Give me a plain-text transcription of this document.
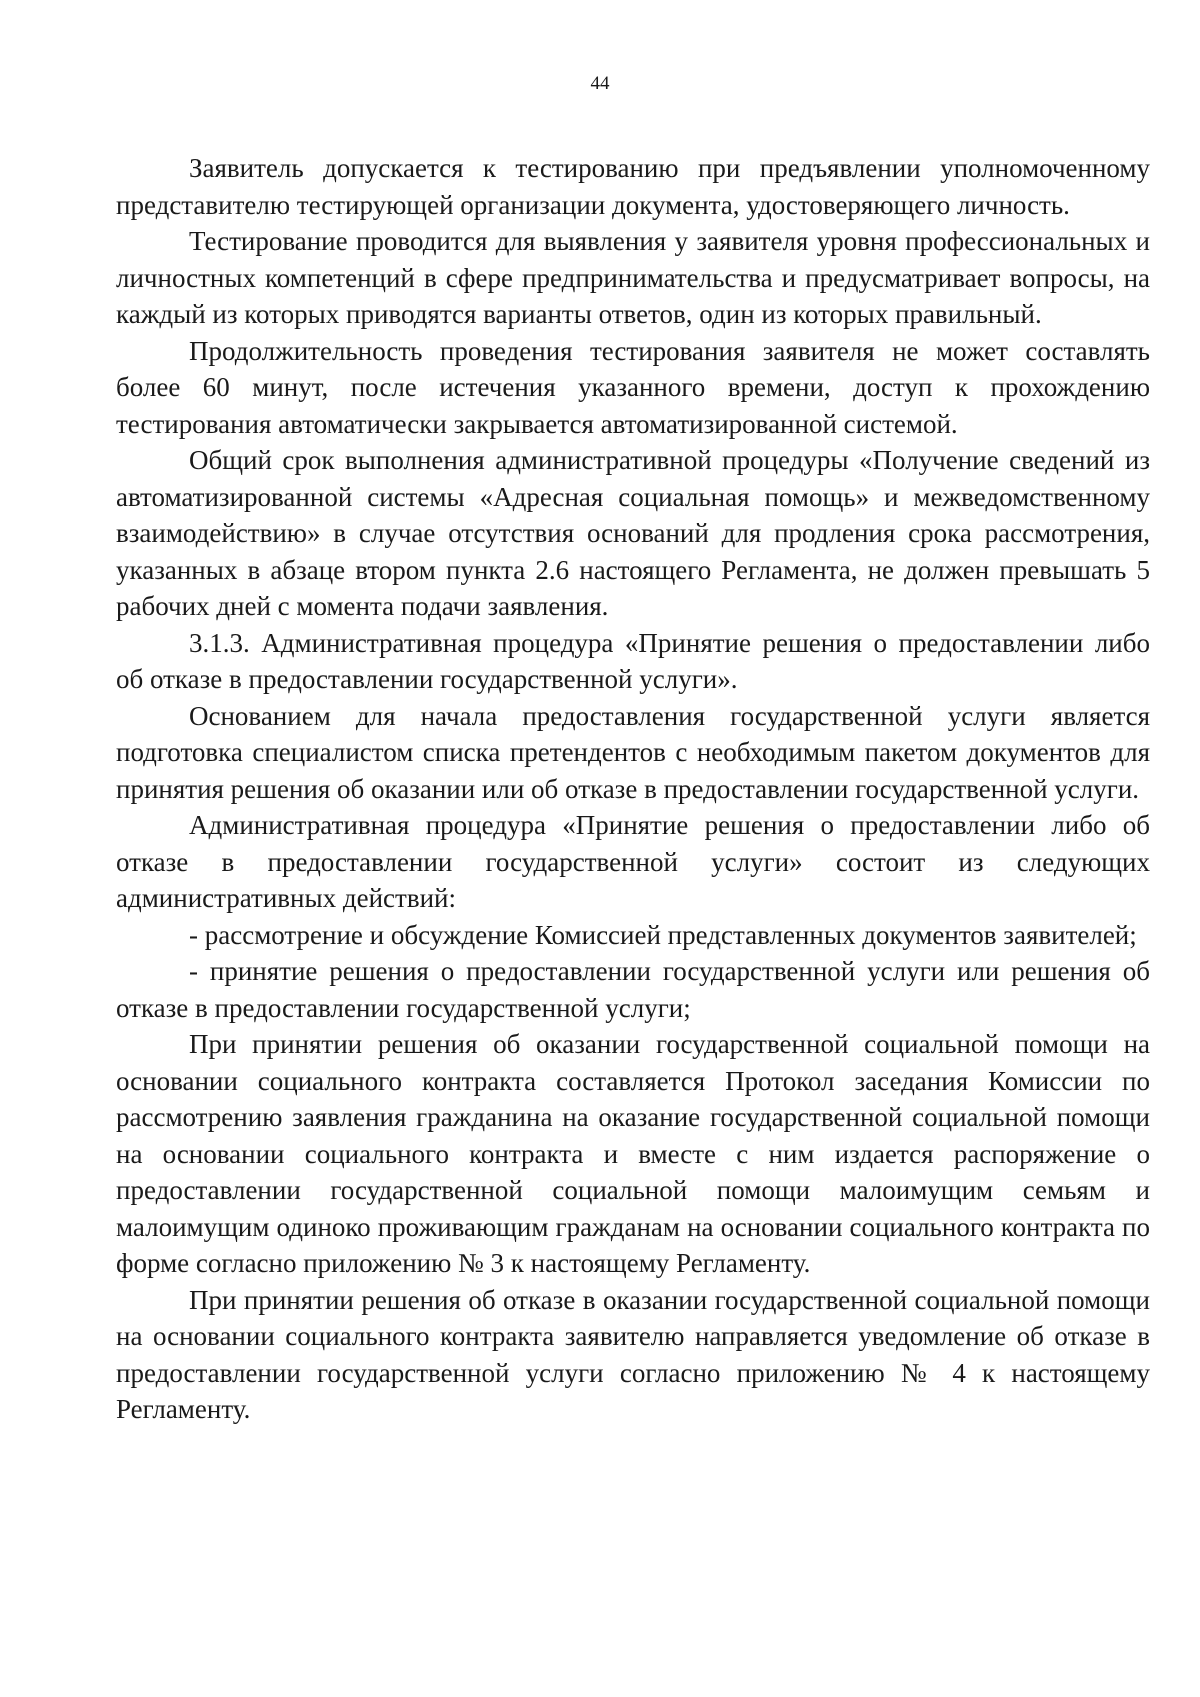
44

Заявитель допускается к тестированию при предъявлении уполномоченному представителю тестирующей организации документа, удостоверяющего личность.

Тестирование проводится для выявления у заявителя уровня профессиональных и личностных компетенций в сфере предпринимательства и предусматривает вопросы, на каждый из которых приводятся варианты ответов, один из которых правильный.

Продолжительность проведения тестирования заявителя не может составлять более 60 минут, после истечения указанного времени, доступ к прохождению тестирования автоматически закрывается автоматизированной системой.

Общий срок выполнения административной процедуры «Получение сведений из автоматизированной системы «Адресная социальная помощь» и межведомственному взаимодействию» в случае отсутствия оснований для продления срока рассмотрения, указанных в абзаце втором пункта 2.6 настоящего Регламента, не должен превышать 5 рабочих дней с момента подачи заявления.

3.1.3. Административная процедура «Принятие решения о предоставлении либо об отказе в предоставлении государственной услуги».

Основанием для начала предоставления государственной услуги является подготовка специалистом списка претендентов с необходимым пакетом документов для принятия решения об оказании или об отказе в предоставлении государственной услуги.

Административная процедура «Принятие решения о предоставлении либо об отказе в предоставлении государственной услуги» состоит из следующих административных действий:

- рассмотрение и обсуждение Комиссией представленных документов заявителей;

- принятие решения о предоставлении государственной услуги или решения об отказе в предоставлении государственной услуги;

При принятии решения об оказании государственной социальной помощи на основании социального контракта составляется Протокол заседания Комиссии по рассмотрению заявления гражданина на оказание государственной социальной помощи на основании социального контракта и вместе с ним издается распоряжение о предоставлении государственной социальной помощи малоимущим семьям и малоимущим одиноко проживающим гражданам на основании социального контракта по форме согласно приложению № 3 к настоящему Регламенту.

При принятии решения об отказе в оказании государственной социальной помощи на основании социального контракта заявителю направляется уведомление об отказе в предоставлении государственной услуги согласно приложению № 4 к настоящему Регламенту.
